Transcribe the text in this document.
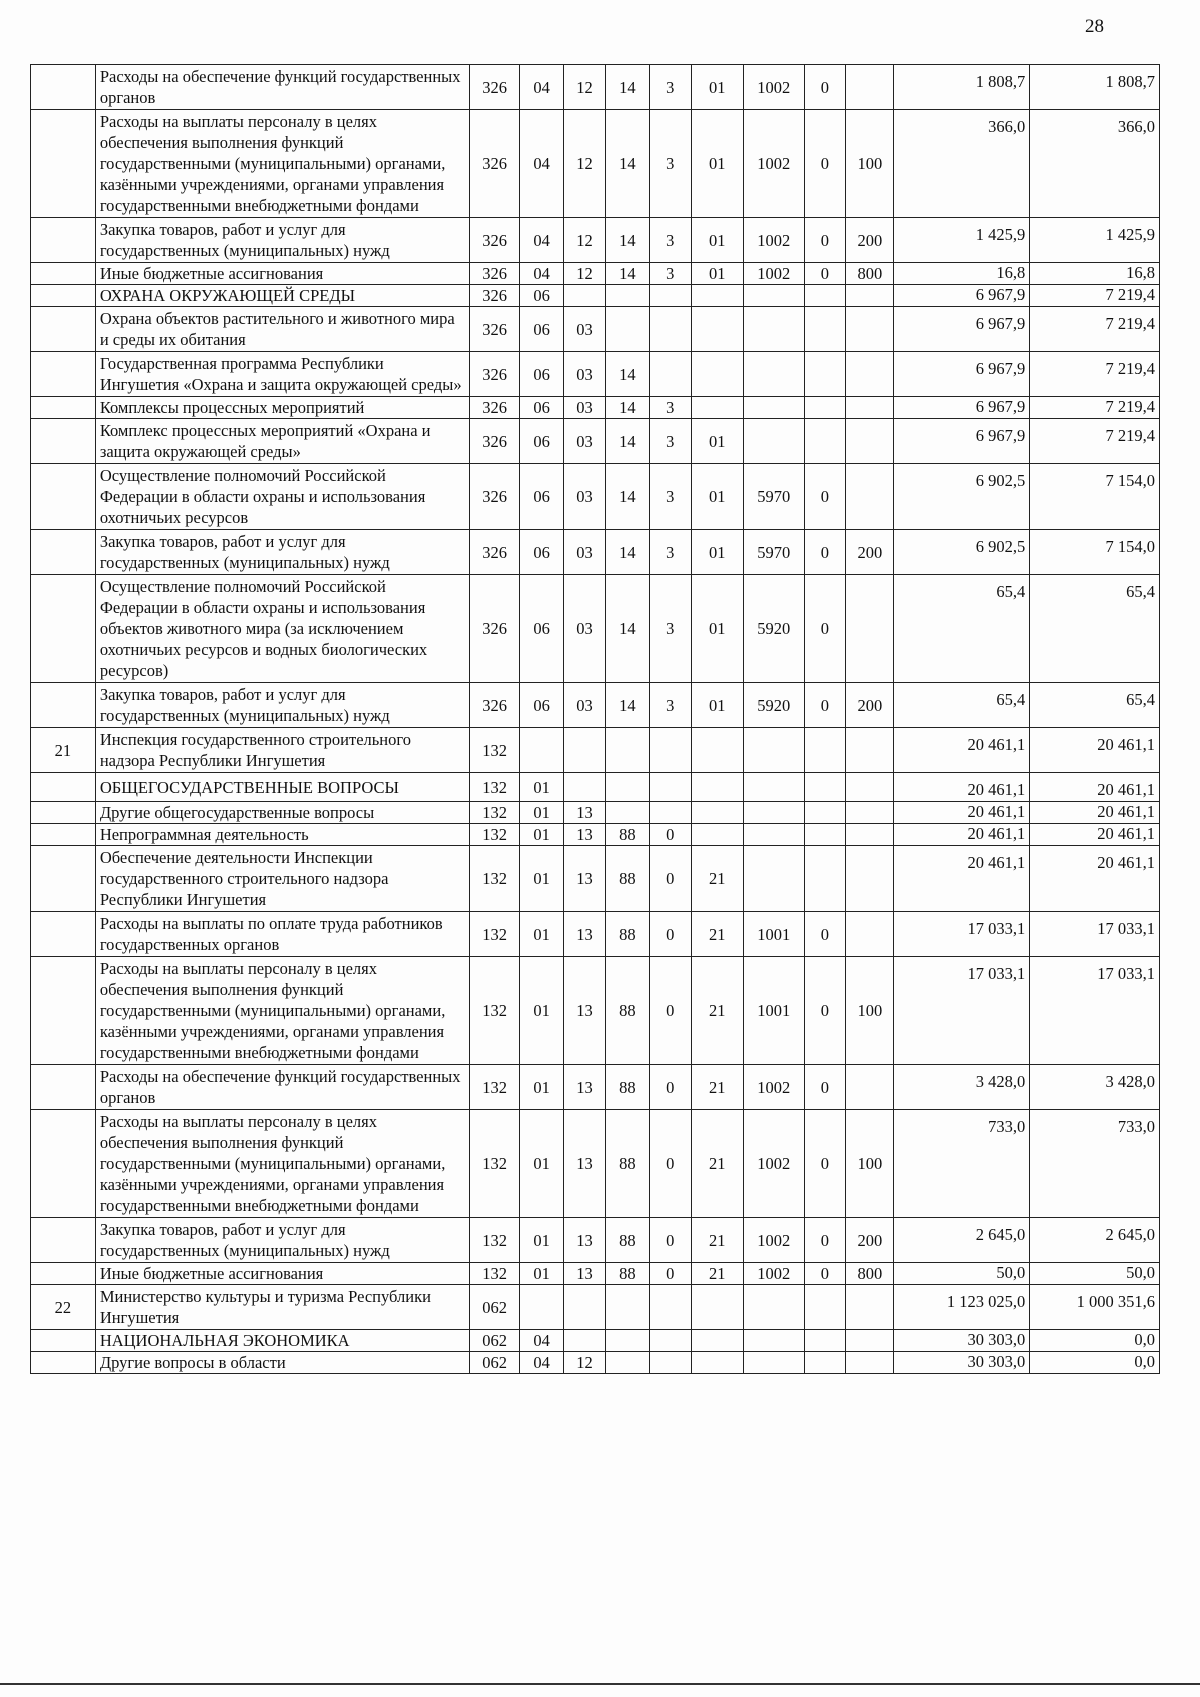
28
	Расходы на обеспечение функций государственных органов	326	04	12	14	3	01	1002	0		1 808,7	1 808,7
	Расходы на выплаты персоналу в целях обеспечения выполнения функций государственными (муниципальными) органами, казёнными учреждениями, органами управления государственными внебюджетными фондами	326	04	12	14	3	01	1002	0	100	366,0	366,0
	Закупка товаров, работ и услуг для государственных (муниципальных) нужд	326	04	12	14	3	01	1002	0	200	1 425,9	1 425,9
	Иные бюджетные ассигнования	326	04	12	14	3	01	1002	0	800	16,8	16,8
	ОХРАНА ОКРУЖАЮЩЕЙ СРЕДЫ	326	06								6 967,9	7 219,4
	Охрана объектов растительного и животного мира и среды их обитания	326	06	03							6 967,9	7 219,4
	Государственная программа Республики Ингушетия «Охрана и защита окружающей среды»	326	06	03	14						6 967,9	7 219,4
	Комплексы процессных мероприятий	326	06	03	14	3					6 967,9	7 219,4
	Комплекс процессных мероприятий «Охрана и защита окружающей среды»	326	06	03	14	3	01				6 967,9	7 219,4
	Осуществление полномочий Российской Федерации в области охраны и использования охотничьих ресурсов	326	06	03	14	3	01	5970	0		6 902,5	7 154,0
	Закупка товаров, работ и услуг для государственных (муниципальных) нужд	326	06	03	14	3	01	5970	0	200	6 902,5	7 154,0
	Осуществление полномочий Российской Федерации в области охраны и использования объектов животного мира (за исключением охотничьих ресурсов и водных биологических ресурсов)	326	06	03	14	3	01	5920	0		65,4	65,4
	Закупка товаров, работ и услуг для государственных (муниципальных) нужд	326	06	03	14	3	01	5920	0	200	65,4	65,4
21	Инспекция государственного строительного надзора Республики Ингушетия	132									20 461,1	20 461,1
	ОБЩЕГОСУДАРСТВЕННЫЕ ВОПРОСЫ	132	01								20 461,1	20 461,1
	Другие общегосударственные вопросы	132	01	13							20 461,1	20 461,1
	Непрограммная деятельность	132	01	13	88	0					20 461,1	20 461,1
	Обеспечение деятельности Инспекции государственного строительного надзора Республики Ингушетия	132	01	13	88	0	21				20 461,1	20 461,1
	Расходы на выплаты по оплате труда работников государственных органов	132	01	13	88	0	21	1001	0		17 033,1	17 033,1
	Расходы на выплаты персоналу в целях обеспечения выполнения функций государственными (муниципальными) органами, казёнными учреждениями, органами управления государственными внебюджетными фондами	132	01	13	88	0	21	1001	0	100	17 033,1	17 033,1
	Расходы на обеспечение функций государственных органов	132	01	13	88	0	21	1002	0		3 428,0	3 428,0
	Расходы на выплаты персоналу в целях обеспечения выполнения функций государственными (муниципальными) органами, казёнными учреждениями, органами управления государственными внебюджетными фондами	132	01	13	88	0	21	1002	0	100	733,0	733,0
	Закупка товаров, работ и услуг для государственных (муниципальных) нужд	132	01	13	88	0	21	1002	0	200	2 645,0	2 645,0
	Иные бюджетные ассигнования	132	01	13	88	0	21	1002	0	800	50,0	50,0
22	Министерство культуры и туризма Республики Ингушетия	062									1 123 025,0	1 000 351,6
	НАЦИОНАЛЬНАЯ ЭКОНОМИКА	062	04								30 303,0	0,0
	Другие вопросы в области	062	04	12							30 303,0	0,0
